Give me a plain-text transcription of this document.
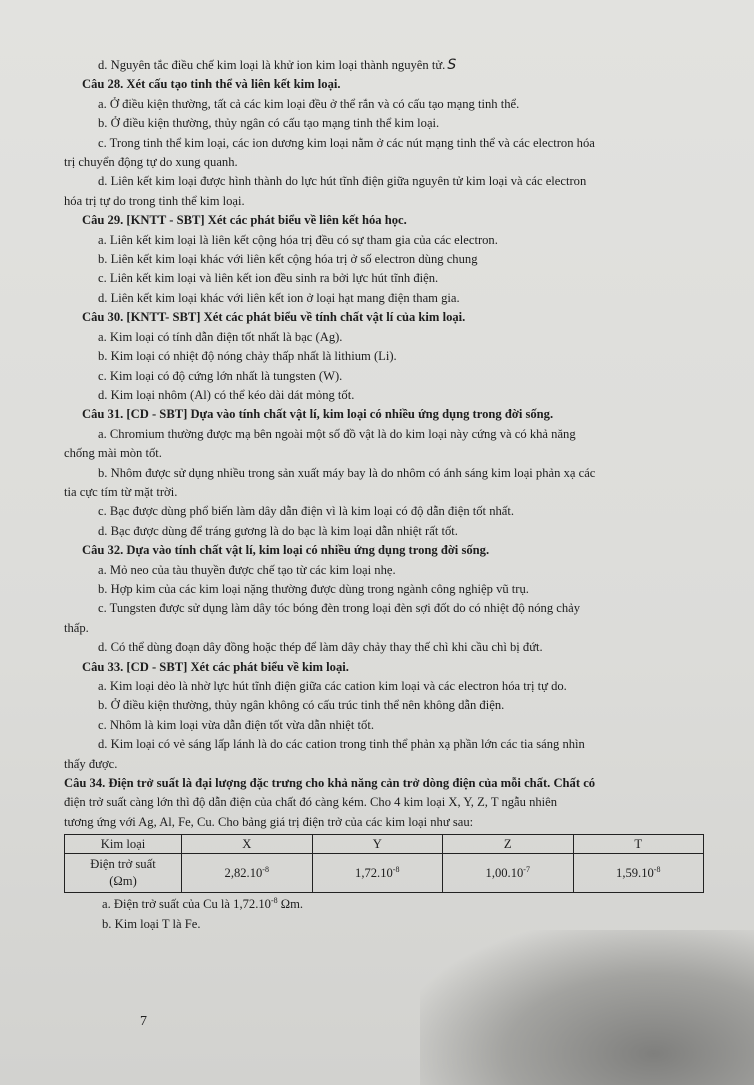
d. Nguyên tắc điều chế kim loại là khử ion kim loại thành nguyên tử. S
Câu 28. Xét cấu tạo tinh thể và liên kết kim loại.
a. Ở điều kiện thường, tất cả các kim loại đều ở thể rắn và có cấu tạo mạng tinh thể.
b. Ở điều kiện thường, thủy ngân có cấu tạo mạng tinh thể kim loại.
c. Trong tinh thể kim loại, các ion dương kim loại nằm ở các nút mạng tinh thể và các electron hóa
trị chuyển động tự do xung quanh.
d. Liên kết kim loại được hình thành do lực hút tĩnh điện giữa nguyên tử kim loại và các electron
hóa trị tự do trong tinh thể kim loại.
Câu 29. [KNTT - SBT] Xét các phát biểu về liên kết hóa học.
a. Liên kết kim loại là liên kết cộng hóa trị đều có sự tham gia của các electron.
b. Liên kết kim loại khác với liên kết cộng hóa trị ở số electron dùng chung
c. Liên kết kim loại và liên kết ion đều sinh ra bởi lực hút tĩnh điện.
d. Liên kết kim loại khác với liên kết ion ở loại hạt mang điện tham gia.
Câu 30. [KNTT- SBT] Xét các phát biểu về tính chất vật lí của kim loại.
a. Kim loại có tính dẫn điện tốt nhất là bạc (Ag).
b. Kim loại có nhiệt độ nóng chảy thấp nhất là lithium (Li).
c. Kim loại có độ cứng lớn nhất là tungsten (W).
d. Kim loại nhôm (Al) có thể kéo dài dát mỏng tốt.
Câu 31. [CD - SBT] Dựa vào tính chất vật lí, kim loại có nhiều ứng dụng trong đời sống.
a. Chromium thường được mạ bên ngoài một số đồ vật là do kim loại này cứng và có khả năng
chống mài mòn tốt.
b. Nhôm được sử dụng nhiều trong sản xuất máy bay là do nhôm có ánh sáng kim loại phản xạ các
tia cực tím từ mặt trời.
c. Bạc được dùng phổ biến làm dây dẫn điện vì là kim loại có độ dẫn điện tốt nhất.
d. Bạc được dùng để tráng gương là do bạc là kim loại dẫn nhiệt rất tốt.
Câu 32. Dựa vào tính chất vật lí, kim loại có nhiều ứng dụng trong đời sống.
a. Mỏ neo của tàu thuyền được chế tạo từ các kim loại nhẹ.
b. Hợp kim của các kim loại nặng thường được dùng trong ngành công nghiệp vũ trụ.
c. Tungsten được sử dụng làm dây tóc bóng đèn trong loại đèn sợi đốt do có nhiệt độ nóng chảy
thấp.
d. Có thể dùng đoạn dây đồng hoặc thép để làm dây chảy thay thế chì khi cầu chì bị đứt.
Câu 33. [CD - SBT] Xét các phát biểu về kim loại.
a. Kim loại dẻo là nhờ lực hút tĩnh điện giữa các cation kim loại và các electron hóa trị tự do.
b. Ở điều kiện thường, thủy ngân không có cấu trúc tinh thể nên không dẫn điện.
c. Nhôm là kim loại vừa dẫn điện tốt vừa dẫn nhiệt tốt.
d. Kim loại có vẻ sáng lấp lánh là do các cation trong tinh thể phản xạ phần lớn các tia sáng nhìn
thấy được.
Câu 34. Điện trở suất là đại lượng đặc trưng cho khả năng cản trở dòng điện của mỗi chất. Chất có
điện trở suất càng lớn thì độ dẫn điện của chất đó càng kém. Cho 4 kim loại X, Y, Z, T ngẫu nhiên
tương ứng với Ag, Al, Fe, Cu. Cho bảng giá trị điện trở của các kim loại như sau:
Kim loại	X	Y	Z	T

Điện trở suất
(Ωm)	$2,82.10^{-8}$	$1,72.10^{-8}$	$1,00.10^{-7}$	$1,59.10^{-8}$
a. Điện trở suất của Cu là $1,72.10^{-8}$ Ωm.
b. Kim loại T là Fe.
7
